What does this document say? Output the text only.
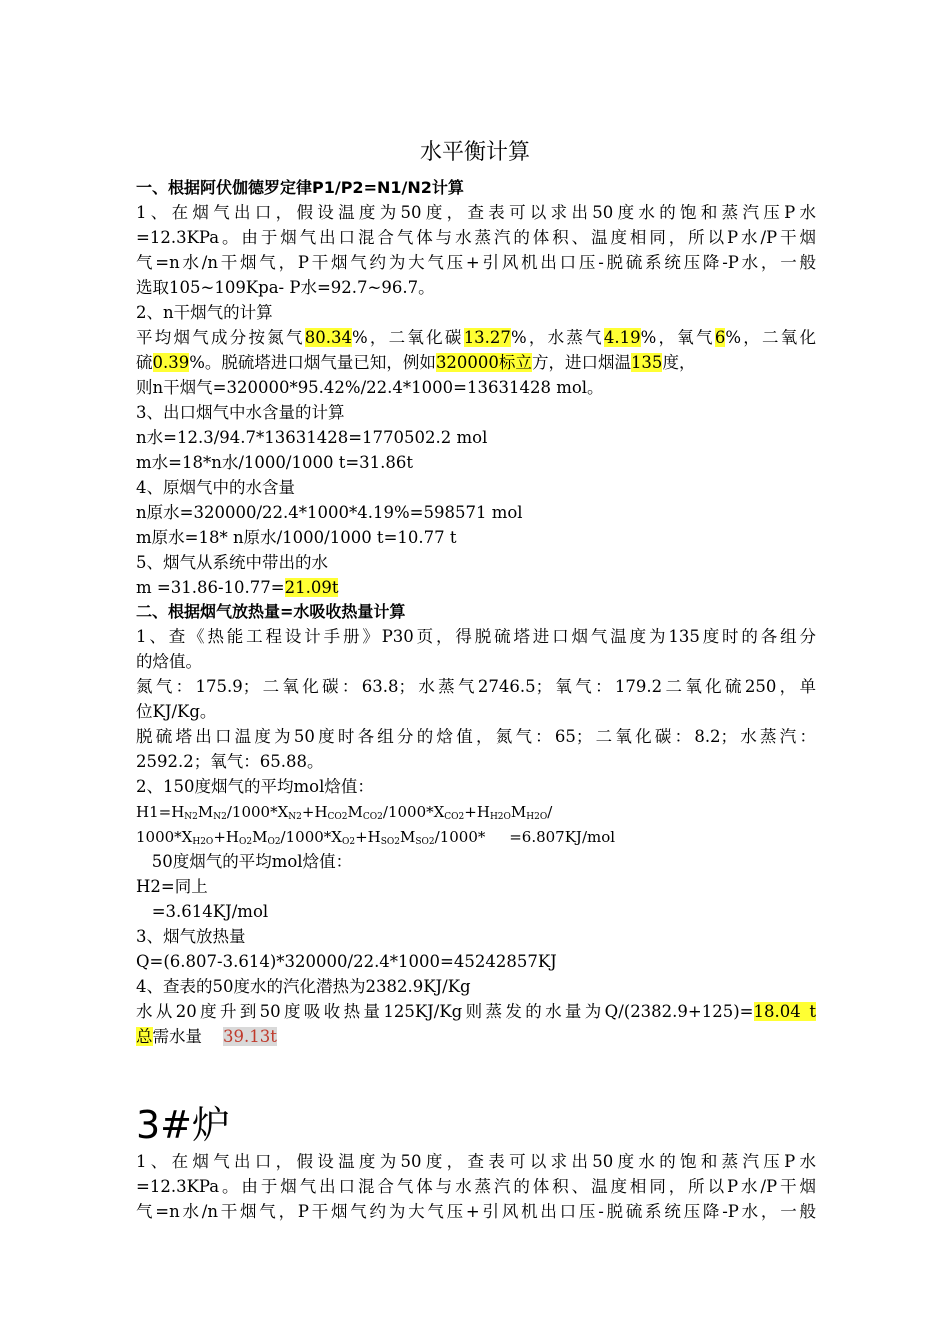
水平衡计算
一、根据阿伏伽德罗定律P1/P2=N1/N2计算
1、在烟气出口，假设温度为50度，查表可以求出50度水的饱和蒸汽压P水
=12.3KPa。由于烟气出口混合气体与水蒸汽的体积、温度相同，所以P水/P干烟
气=n水/n干烟气，P干烟气约为大气压+引风机出口压-脱硫系统压降-P水，一般
选取105~109Kpa- P水=92.7~96.7。
2、n干烟气的计算
平均烟气成分按氮气80.34%，二氧化碳13.27%，水蒸气4.19%，氧气6%，二氧化
硫0.39%。脱硫塔进口烟气量已知，例如320000标立方，进口烟温135度，
则n干烟气=320000*95.42%/22.4*1000=13631428 mol。
3、出口烟气中水含量的计算
n水=12.3/94.7*13631428=1770502.2 mol
m水=18*n水/1000/1000 t=31.86t
4、原烟气中的水含量
n原水=320000/22.4*1000*4.19%=598571 mol
m原水=18* n原水/1000/1000 t=10.77 t
5、烟气从系统中带出的水
m =31.86-10.77=21.09t
二、根据烟气放热量=水吸收热量计算
1、查《热能工程设计手册》P30页，得脱硫塔进口烟气温度为135度时的各组分
的焓值。
氮气：175.9；二氧化碳：63.8；水蒸气2746.5；氧气：179.2二氧化硫250，单
位KJ/Kg。
脱硫塔出口温度为50度时各组分的焓值，氮气：65；二氧化碳：8.2；水蒸汽：
2592.2；氧气：65.88。
2、150度烟气的平均mol焓值：
$H1=H_{N2}M_{N2}/1000*X_{N2}+H_{CO2}M_{CO2}/1000*X_{CO2}+H_{H2O}M_{H2O}/$
$1000*X_{H2O}+H_{O2}M_{O2}/1000*X_{O2}+H_{SO2}M_{SO2}/1000*$     =6.807KJ/mol
50度烟气的平均mol焓值：
H2=同上
=3.614KJ/mol
3、烟气放热量
Q=(6.807-3.614)*320000/22.4*1000=45242857KJ
4、查表的50度水的汽化潜热为2382.9KJ/Kg
水从20度升到50度吸收热量125KJ/Kg则蒸发的水量为Q/(2382.9+125)=18.04 t
总需水量    39.13t
3#炉
1、在烟气出口，假设温度为50度，查表可以求出50度水的饱和蒸汽压P水
=12.3KPa。由于烟气出口混合气体与水蒸汽的体积、温度相同，所以P水/P干烟
气=n水/n干烟气，P干烟气约为大气压+引风机出口压-脱硫系统压降-P水，一般
